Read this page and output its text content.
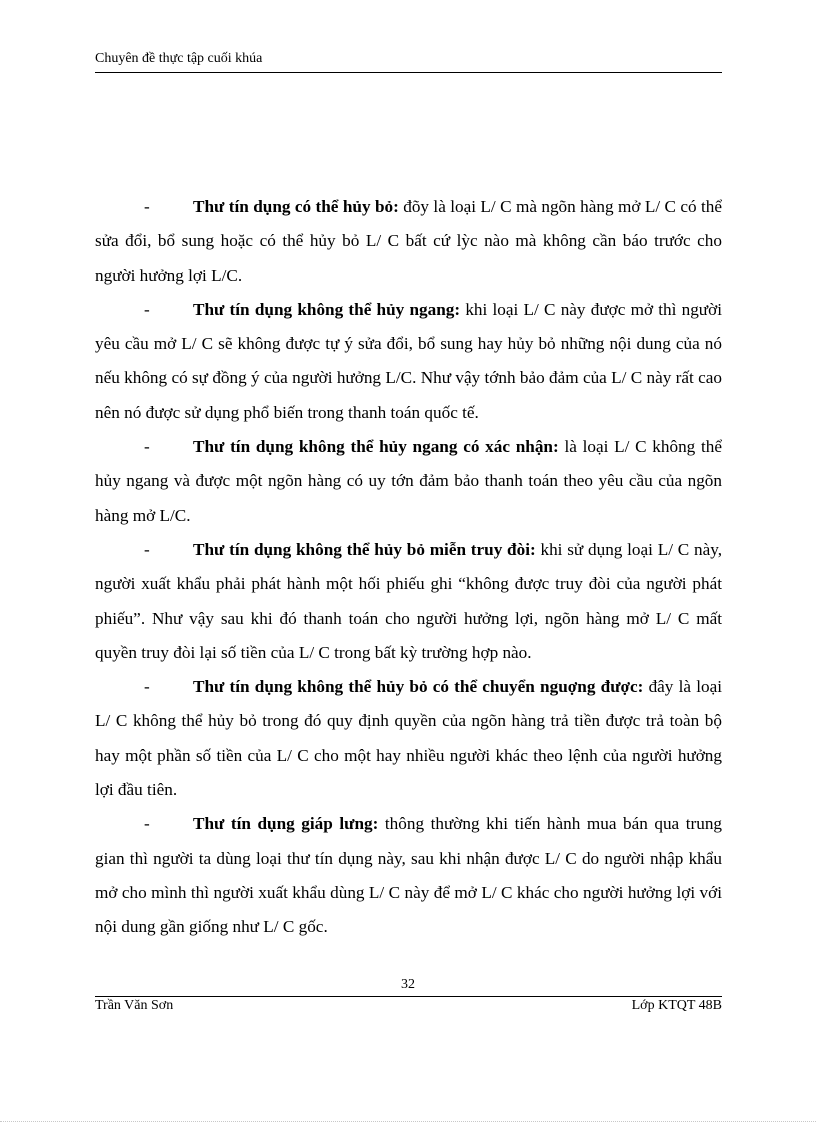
Chuyên đề thực tập cuối khúa

-	Thư tín dụng có thể hủy bỏ: đõy là loại L/ C mà ngõn hàng mở L/ C có thể sửa đổi, bổ sung hoặc có thể hủy bỏ L/ C bất cứ lỳc nào mà không cần báo trước cho người hưởng lợi L/C.

-	Thư tín dụng không thể hủy ngang: khi loại L/ C này được mở thì người yêu cầu mở L/ C sẽ không được tự ý sửa đổi, bổ sung hay hủy bỏ những nội dung của nó nếu không có sự đồng ý của người hưởng L/C. Như vậy tớnh bảo đảm của L/ C này rất cao nên nó được sử dụng phổ biến trong thanh toán quốc tế.

-	Thư tín dụng không thể hủy ngang có xác nhận: là loại L/ C không thể hủy ngang và được một ngõn hàng có uy tớn đảm bảo thanh toán theo yêu cầu của ngõn hàng mở L/C.

-	Thư tín dụng không thể hủy bỏ miễn truy đòi: khi sử dụng loại L/ C này, người xuất khẩu phải phát hành một hối phiếu ghi “không được truy đòi của người phát phiếu”. Như vậy sau khi đó thanh toán cho người hưởng lợi, ngõn hàng mở L/ C mất quyền truy đòi lại số tiền của L/ C trong bất kỳ trường hợp nào.

-	Thư tín dụng không thể hủy bỏ có thể chuyển nguợng được: đây là loại L/ C không thể hủy bỏ trong đó quy định quyền của ngõn hàng trả tiền được trả toàn bộ hay một phần số tiền của L/ C cho một hay nhiều người khác theo lệnh của người hưởng lợi đầu tiên.

-	Thư tín dụng giáp lưng: thông thường khi tiến hành mua bán qua trung gian thì người ta dùng loại thư tín dụng này, sau khi nhận được L/ C do người nhập khẩu mở cho mình thì người xuất khẩu dùng L/ C này để mở L/ C khác cho người hưởng lợi với nội dung gần giống như L/ C gốc.

32
Trần Văn Sơn	Lớp KTQT 48B
